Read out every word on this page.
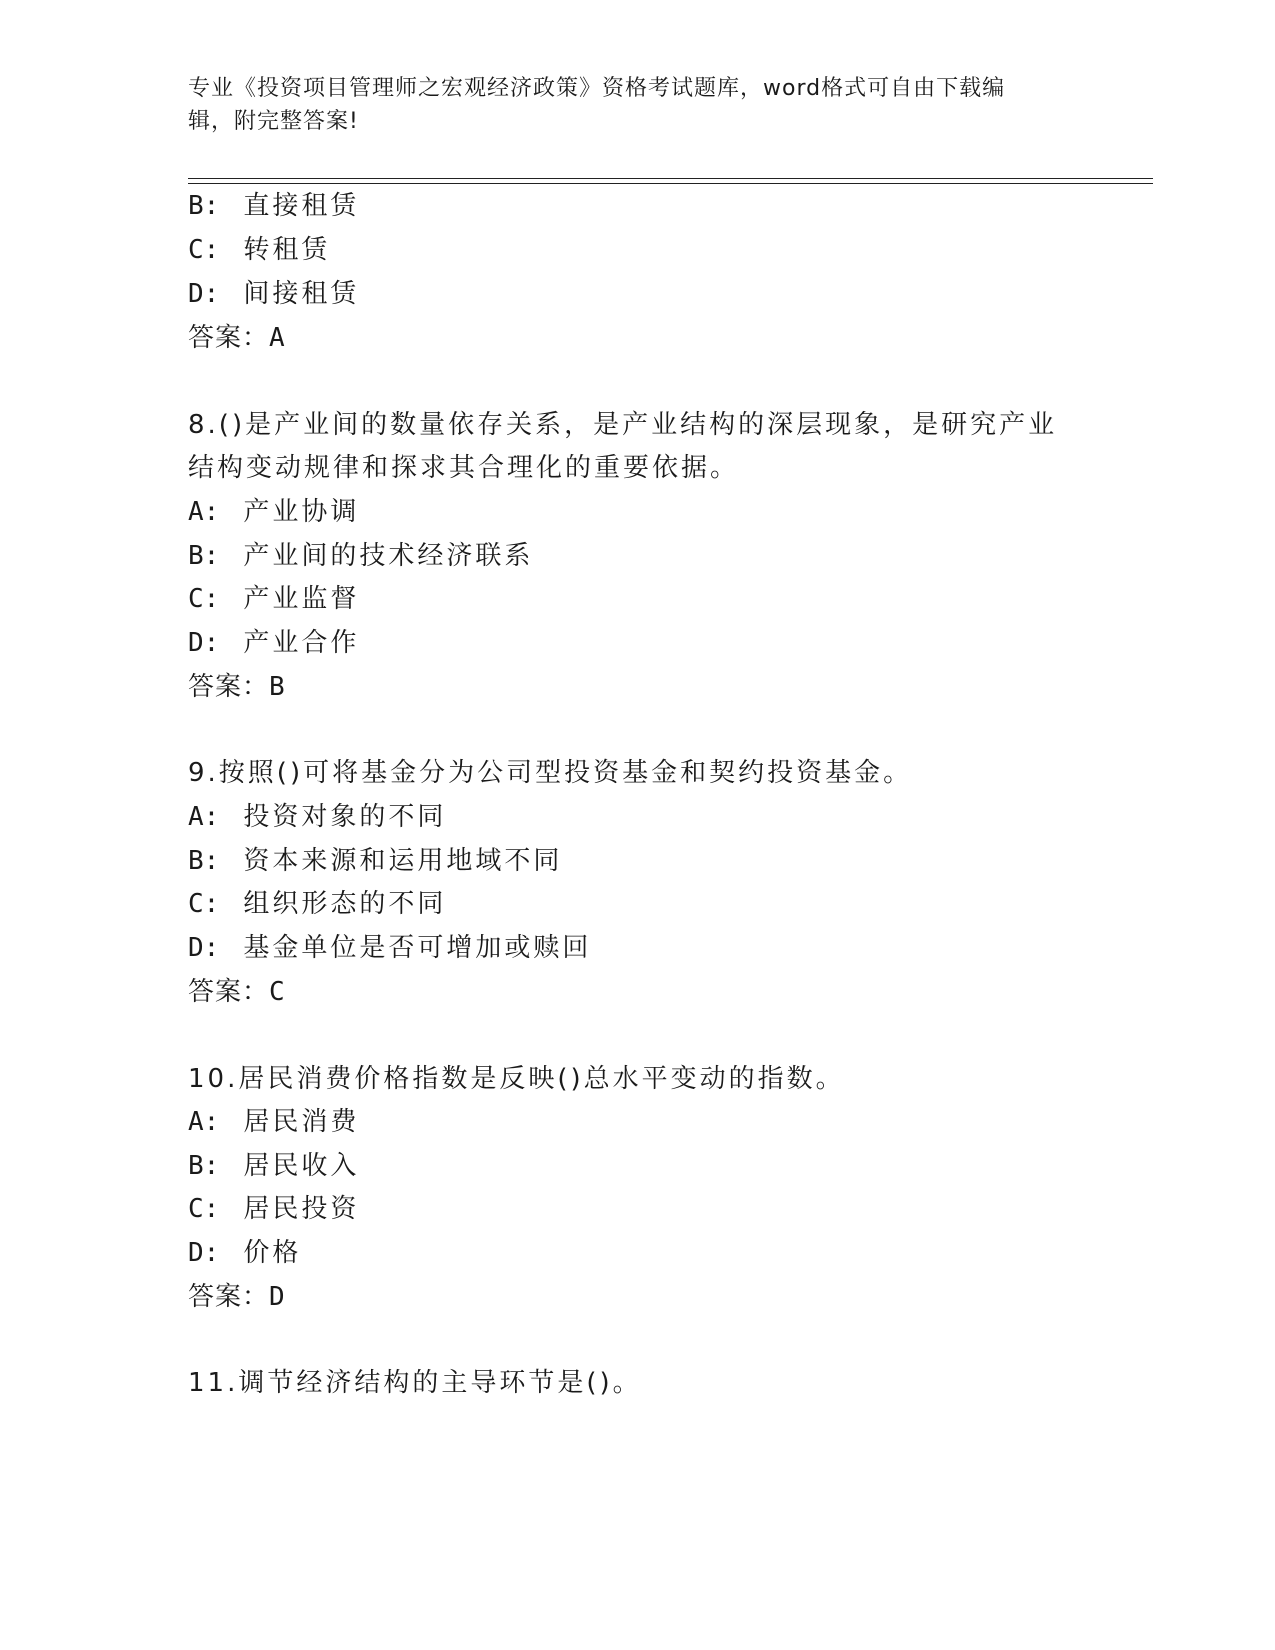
专业《投资项目管理师之宏观经济政策》资格考试题库，word格式可自由下载编
辑，附完整答案!
B: 直接租赁
C: 转租赁
D: 间接租赁
答案：A
8.()是产业间的数量依存关系，是产业结构的深层现象，是研究产业
结构变动规律和探求其合理化的重要依据。
A: 产业协调
B: 产业间的技术经济联系
C: 产业监督
D: 产业合作
答案：B
9.按照()可将基金分为公司型投资基金和契约投资基金。
A: 投资对象的不同
B: 资本来源和运用地域不同
C: 组织形态的不同
D: 基金单位是否可增加或赎回
答案：C
10.居民消费价格指数是反映()总水平变动的指数。
A: 居民消费
B: 居民收入
C: 居民投资
D: 价格
答案：D
11.调节经济结构的主导环节是()。
